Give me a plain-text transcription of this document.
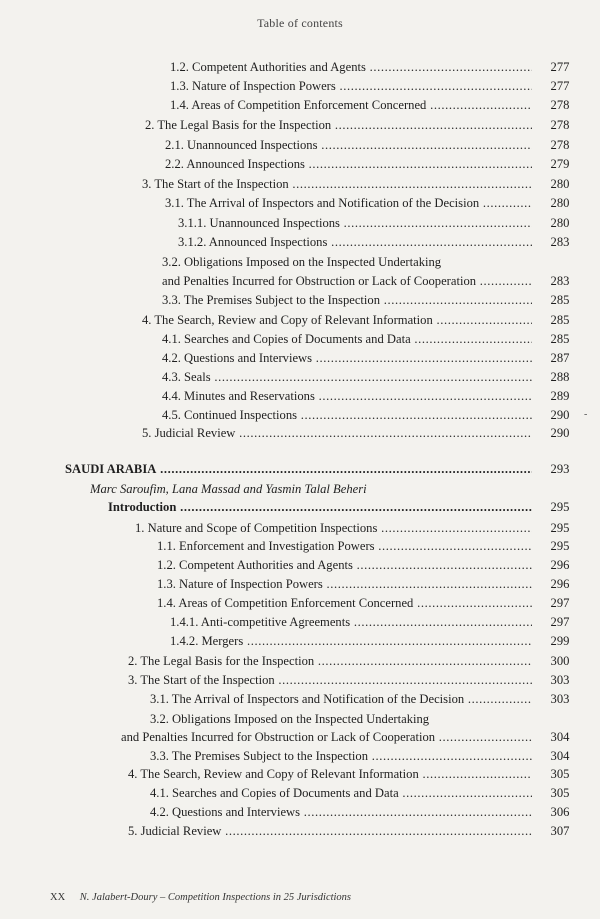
Table of contents
1.2. Competent Authorities and Agents .....	277
1.3. Nature of Inspection Powers .....	277
1.4. Areas of Competition Enforcement Concerned .....	278
2. The Legal Basis for the Inspection .....	278
2.1. Unannounced Inspections .....	278
2.2. Announced Inspections .....	279
3. The Start of the Inspection .....	280
3.1. The Arrival of Inspectors and Notification of the Decision .....	280
3.1.1. Unannounced Inspections .....	280
3.1.2. Announced Inspections .....	283
3.2. Obligations Imposed on the Inspected Undertaking
and Penalties Incurred for Obstruction or Lack of Cooperation .....	283
3.3. The Premises Subject to the Inspection .....	285
4. The Search, Review and Copy of Relevant Information .....	285
4.1. Searches and Copies of Documents and Data .....	285
4.2. Questions and Interviews .....	287
4.3. Seals .....	288
4.4. Minutes and Reservations .....	289
4.5. Continued Inspections .....	290
5. Judicial Review .....	290
SAUDI ARABIA .....	293
Marc Saroufim, Lana Massad and Yasmin Talal Beheri
Introduction .....	295
1. Nature and Scope of Competition Inspections .....	295
1.1. Enforcement and Investigation Powers .....	295
1.2. Competent Authorities and Agents .....	296
1.3. Nature of Inspection Powers .....	296
1.4. Areas of Competition Enforcement Concerned .....	297
1.4.1. Anti-competitive Agreements .....	297
1.4.2. Mergers .....	299
2. The Legal Basis for the Inspection .....	300
3. The Start of the Inspection .....	303
3.1. The Arrival of Inspectors and Notification of the Decision .....	303
3.2. Obligations Imposed on the Inspected Undertaking
and Penalties Incurred for Obstruction or Lack of Cooperation .....	304
3.3. The Premises Subject to the Inspection .....	304
4. The Search, Review and Copy of Relevant Information .....	305
4.1. Searches and Copies of Documents and Data .....	305
4.2. Questions and Interviews .....	306
5. Judicial Review .....	307
-
XX N. Jalabert-Doury – Competition Inspections in 25 Jurisdictions
